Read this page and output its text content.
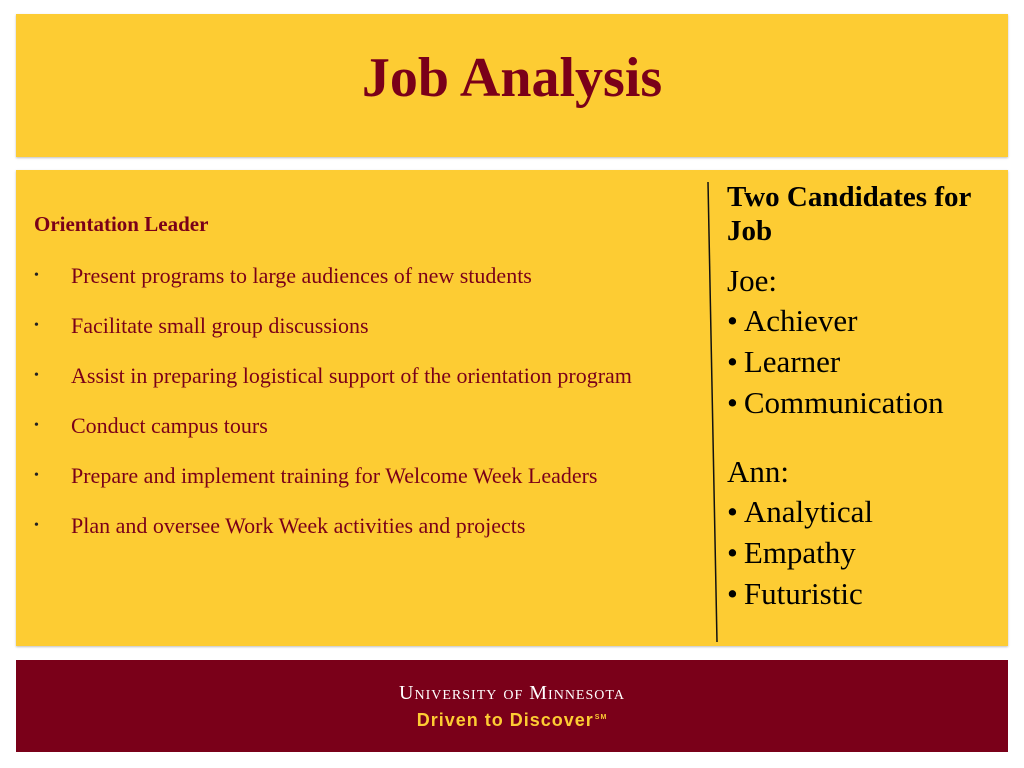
Job Analysis
Orientation Leader
• Present programs to large audiences of new students
• Facilitate small group discussions
• Assist in preparing logistical support of the orientation program
• Conduct campus tours
• Prepare and implement training for Welcome Week Leaders
• Plan and oversee Work Week activities and projects
Two Candidates for Job
Joe:
• Achiever
• Learner
• Communication
Ann:
• Analytical
• Empathy
• Futuristic
University of Minnesota
Driven to Discover℠
